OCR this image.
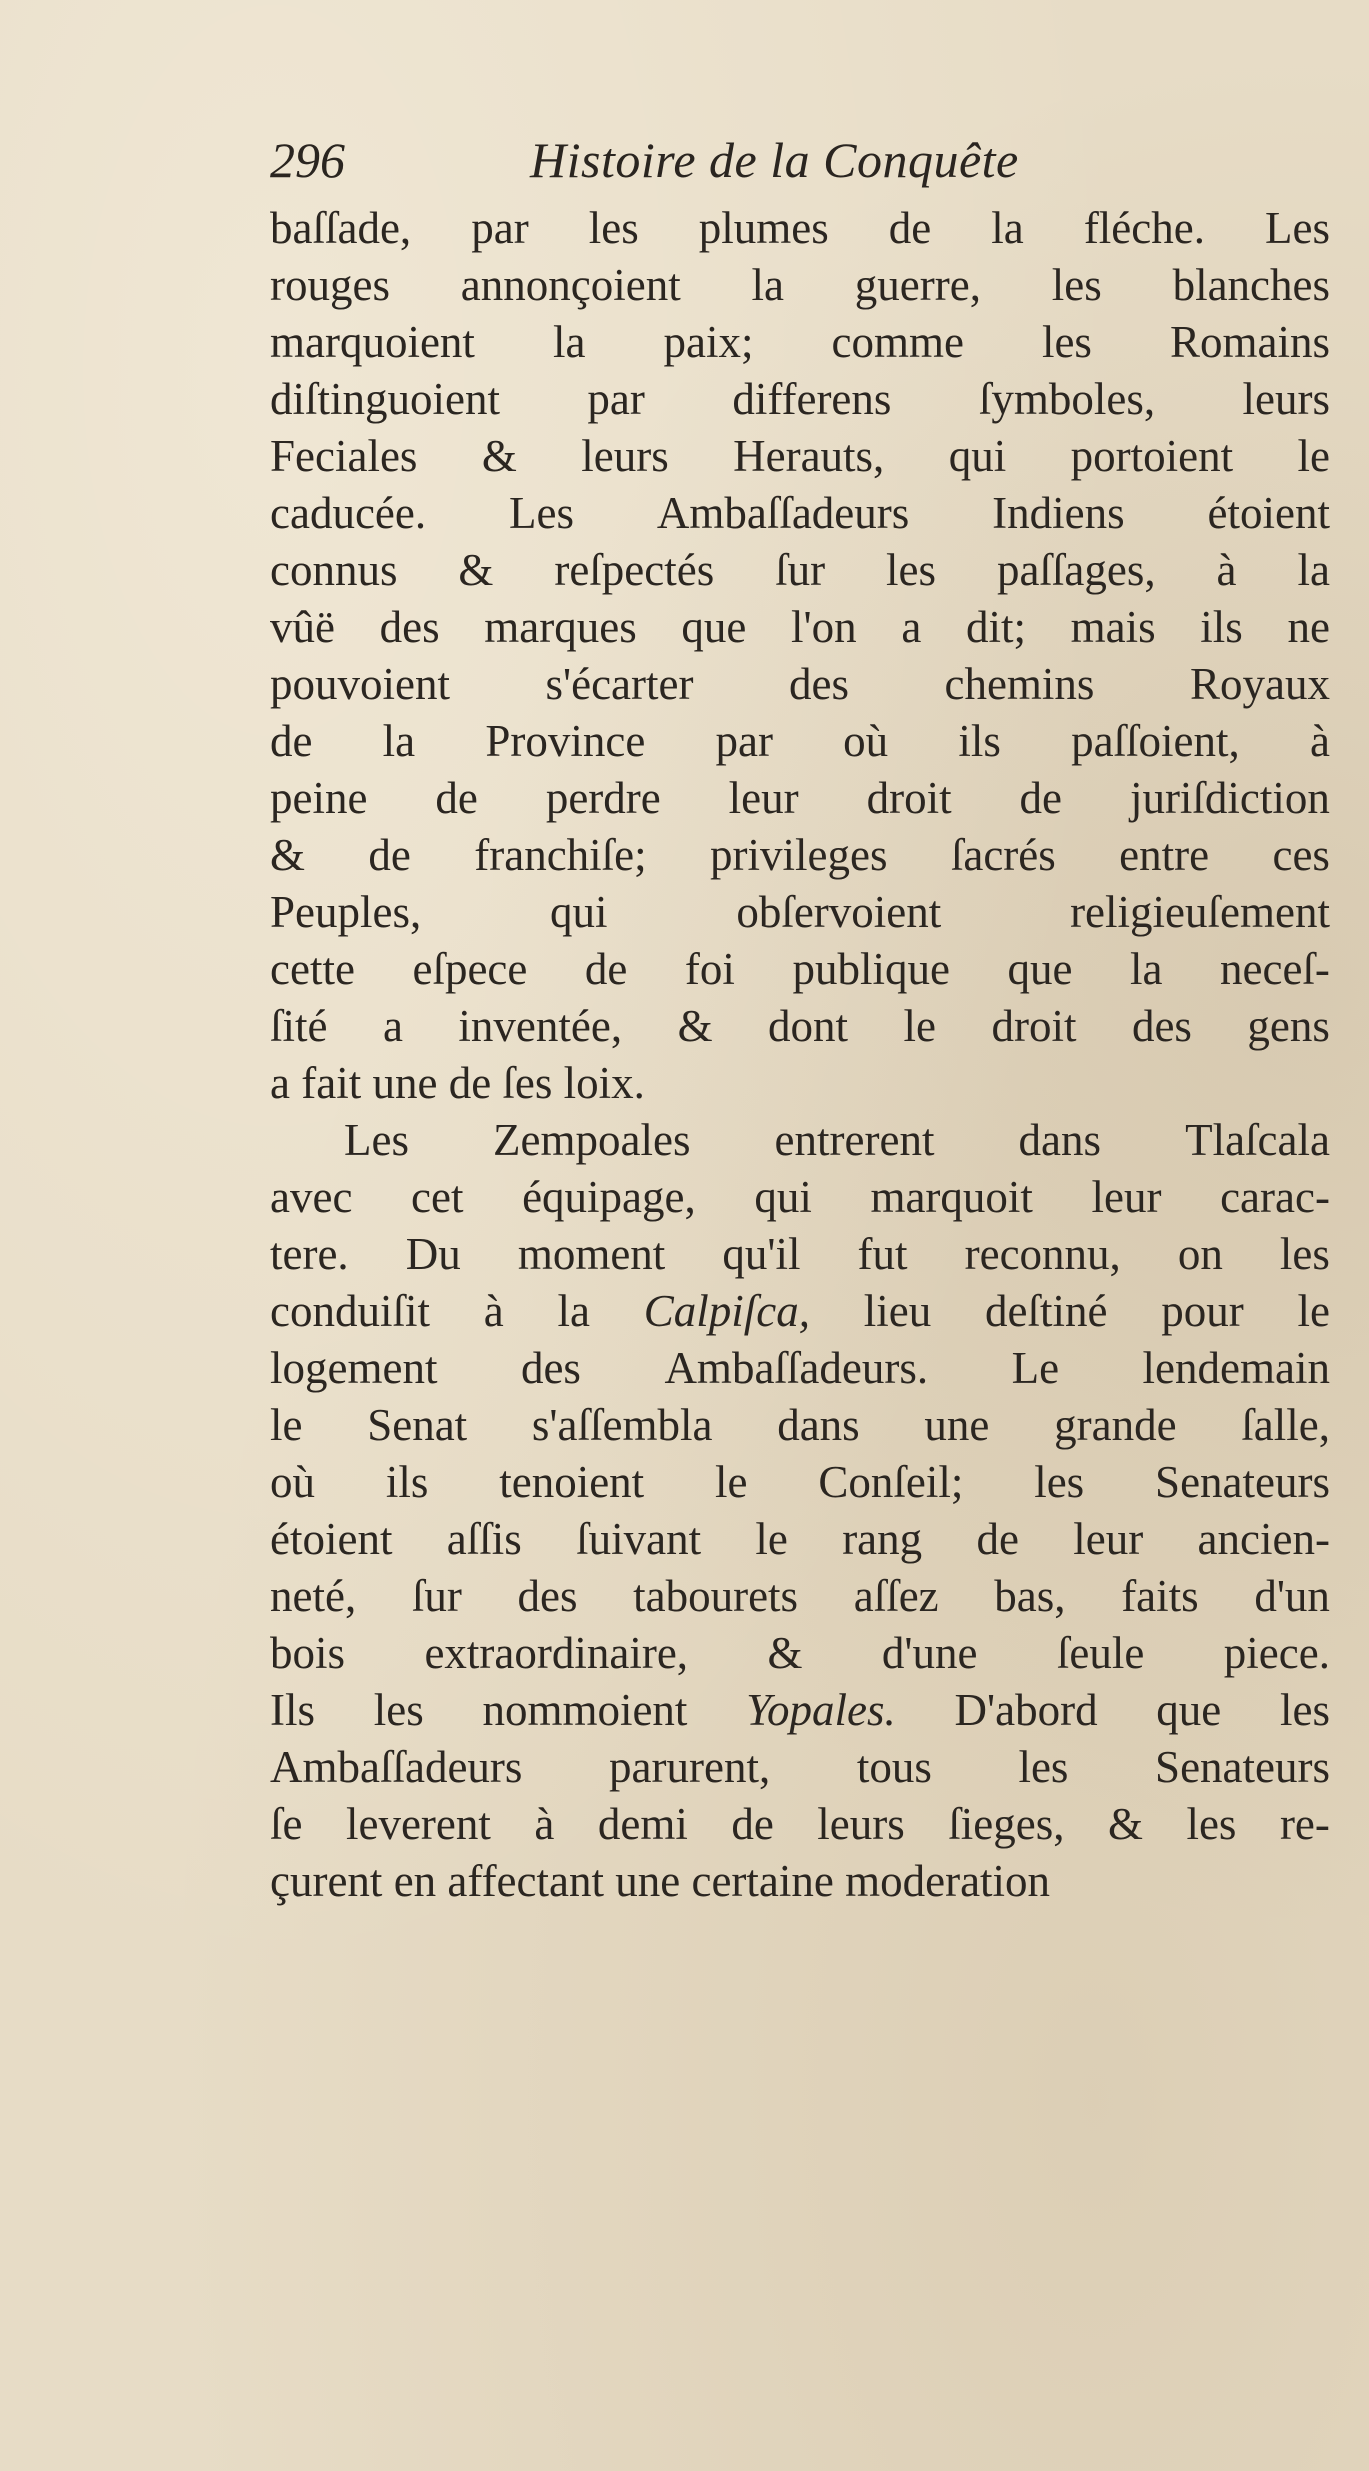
296	Histoire de la Conquête
baſſade, par les plumes de la fléche. Les
rouges annonçoient la guerre, les blanches
marquoient la paix; comme les Romains
diſtinguoient par differens ſymboles, leurs
Feciales & leurs Herauts, qui portoient le
caducée. Les Ambaſſadeurs Indiens étoient
connus & reſpectés ſur les paſſages, à la
vûë des marques que l'on a dit; mais ils ne
pouvoient s'écarter des chemins Royaux
de la Province par où ils paſſoient, à
peine de perdre leur droit de juriſdiction
& de franchiſe; privileges ſacrés entre ces
Peuples,	qui	obſervoient	religieuſement
cette eſpece de foi publique que la neceſ-
ſité a inventée, & dont le droit des gens
a fait une de ſes loix.
Les Zempoales entrerent dans Tlaſcala
avec cet équipage, qui marquoit leur carac-
tere. Du moment qu'il fut reconnu, on les
conduiſit à la Calpiſca, lieu deſtiné pour le
logement des Ambaſſadeurs. Le lendemain
le Senat s'aſſembla dans une grande ſalle,
où ils tenoient le Conſeil; les Senateurs
étoient aſſis ſuivant le rang de leur ancien-
neté, ſur des tabourets aſſez bas, faits d'un
bois extraordinaire, & d'une ſeule piece.
Ils les nommoient Yopales. D'abord que les
Ambaſſadeurs parurent, tous les Senateurs
ſe leverent à demi de leurs ſieges, & les re-
çurent en affectant une certaine moderation
